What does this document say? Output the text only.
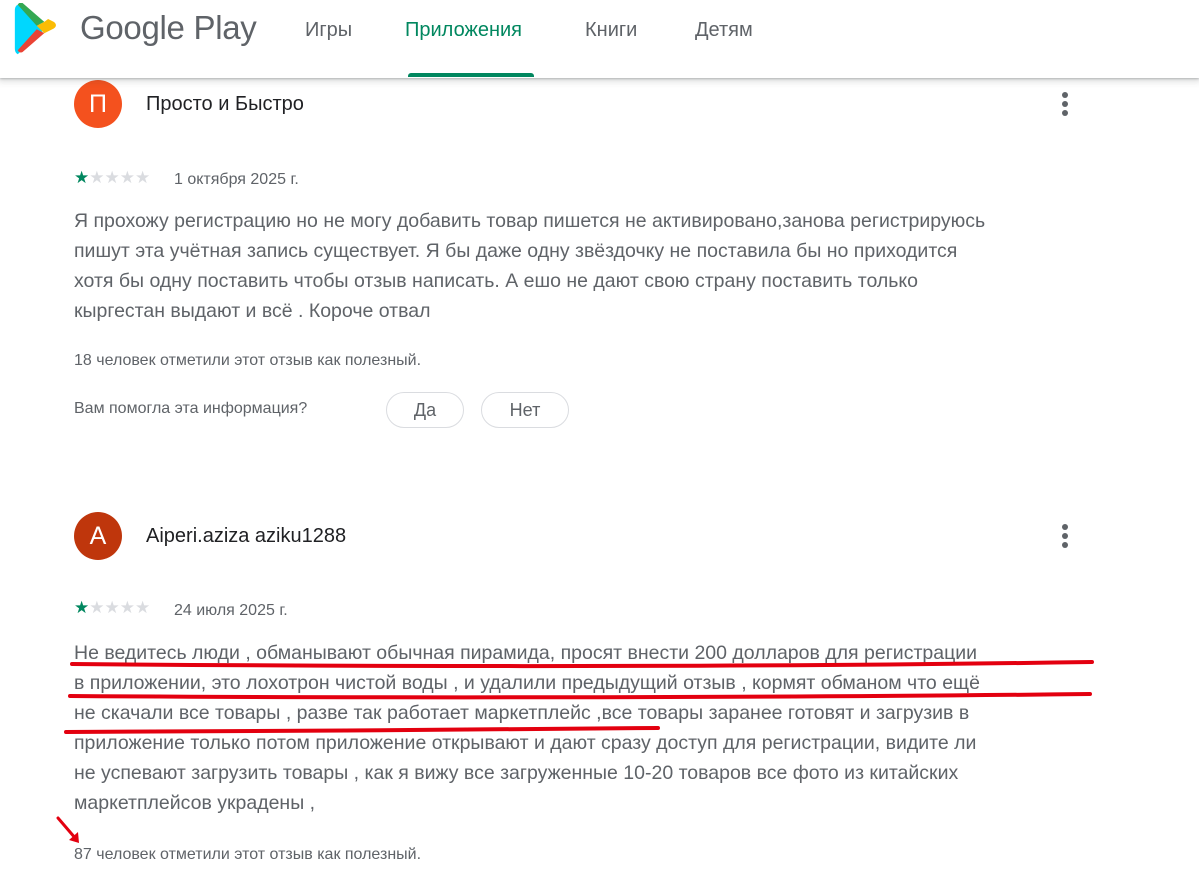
Google Play Игры	Приложения	Книги	Детям
П	Просто и Быстро
★★★★★ 1 октября 2025 г.
Я прохожу регистрацию но не могу добавить товар пишется не активировано,занова регистрируюсь
пишут эта учётная запись существует. Я бы даже одну звёздочку не поставила бы но приходится
хотя бы одну поставить чтобы отзыв написать. А ешо не дают свою страну поставить только
кыргестан выдают и всё . Короче отвал
18 человек отметили этот отзыв как полезный.
Вам помогла эта информация?	Да	Нет
A	Aiperi.aziza aziku1288
★★★★★ 24 июля 2025 г.
Не ведитесь люди , обманывают обычная пирамида, просят внести 200 долларов для регистрации
в приложении, это лохотрон чистой воды , и удалили предыдущий отзыв , кормят обманом что ещё
не скачали все товары , разве так работает маркетплейс ,все товары заранее готовят и загрузив в
приложение только потом приложение открывают и дают сразу доступ для регистрации, видите ли
не успевают загрузить товары , как я вижу все загруженные 10-20 товаров все фото из китайских
маркетплейсов украдены ,
87 человек отметили этот отзыв как полезный.
